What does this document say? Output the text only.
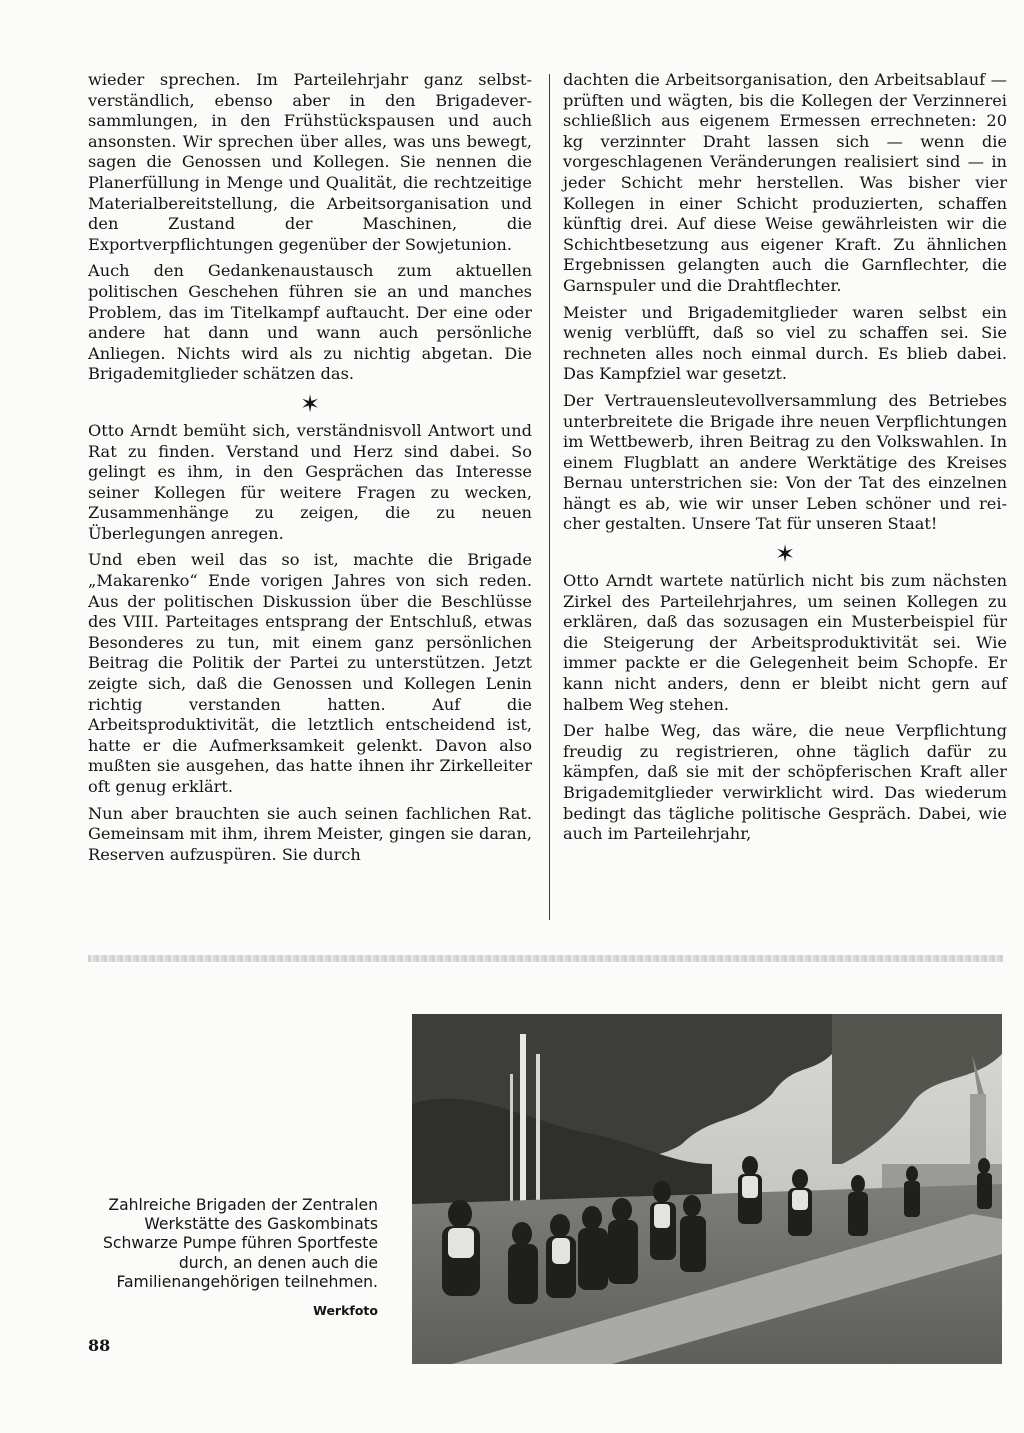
wieder sprechen. Im Parteilehrjahr ganz selbstverständlich, ebenso aber in den Brigadeversammlungen, in den Frühstückspausen und auch ansonsten. Wir sprechen über alles, was uns bewegt, sagen die Genossen und Kollegen. Sie nennen die Planerfüllung in Menge und Qualität, die rechtzeitige Materialbereitstellung, die Arbeitsorganisation und den Zustand der Maschinen, die Exportverpflichtungen gegenüber der Sowjetunion.

Auch den Gedankenaustausch zum aktuellen politischen Geschehen führen sie an und manches Problem, das im Titelkampf auftaucht. Der eine oder andere hat dann und wann auch persönliche Anliegen. Nichts wird als zu nichtig abgetan. Die Brigademitglieder schätzen das.

✶

Otto Arndt bemüht sich, verständnisvoll Antwort und Rat zu finden. Verstand und Herz sind dabei. So gelingt es ihm, in den Gesprächen das Interesse seiner Kollegen für weitere Fragen zu wecken, Zusammenhänge zu zeigen, die zu neuen Überlegungen anregen.

Und eben weil das so ist, machte die Brigade „Makarenko“ Ende vorigen Jahres von sich reden. Aus der politischen Diskussion über die Beschlüsse des VIII. Parteitages entsprang der Entschluß, etwas Besonderes zu tun, mit einem ganz persönlichen Beitrag die Politik der Partei zu unterstützen. Jetzt zeigte sich, daß die Genossen und Kollegen Lenin richtig verstanden hatten. Auf die Arbeitsproduktivität, die letztlich entscheidend ist, hatte er die Aufmerksamkeit gelenkt. Davon also mußten sie ausgehen, das hatte ihnen ihr Zirkelleiter oft genug erklärt.

Nun aber brauchten sie auch seinen fachlichen Rat. Gemeinsam mit ihm, ihrem Meister, gingen sie daran, Reserven aufzuspüren. Sie durch

dachten die Arbeitsorganisation, den Arbeitsablauf — prüften und wägten, bis die Kollegen der Verzinnerei schließlich aus eigenem Ermessen errechneten: 20 kg verzinnter Draht lassen sich — wenn die vorgeschlagenen Veränderungen realisiert sind — in jeder Schicht mehr herstellen. Was bisher vier Kollegen in einer Schicht produzierten, schaffen künftig drei. Auf diese Weise gewährleisten wir die Schichtbesetzung aus eigener Kraft. Zu ähnlichen Ergebnissen gelangten auch die Garnflechter, die Garnspuler und die Drahtflechter.

Meister und Brigademitglieder waren selbst ein wenig verblüfft, daß so viel zu schaffen sei. Sie rechneten alles noch einmal durch. Es blieb dabei. Das Kampfziel war gesetzt.

Der Vertrauensleutevollversammlung des Betriebes unterbreitete die Brigade ihre neuen Verpflichtungen im Wettbewerb, ihren Beitrag zu den Volkswahlen. In einem Flugblatt an andere Werktätige des Kreises Bernau unterstrichen sie: Von der Tat des einzelnen hängt es ab, wie wir unser Leben schöner und reicher gestalten. Unsere Tat für unseren Staat!

✶

Otto Arndt wartete natürlich nicht bis zum nächsten Zirkel des Parteilehrjahres, um seinen Kollegen zu erklären, daß das sozusagen ein Musterbeispiel für die Steigerung der Arbeitsproduktivität sei. Wie immer packte er die Gelegenheit beim Schopfe. Er kann nicht anders, denn er bleibt nicht gern auf halbem Weg stehen.

Der halbe Weg, das wäre, die neue Verpflichtung freudig zu registrieren, ohne täglich dafür zu kämpfen, daß sie mit der schöpferischen Kraft aller Brigademitglieder verwirklicht wird. Das wiederum bedingt das tägliche politische Gespräch. Dabei, wie auch im Parteilehrjahr,

Zahlreiche Brigaden der Zentralen Werkstätte des Gaskombinats Schwarze Pumpe führen Sportfeste durch, an denen auch die Familienangehörigen teilnehmen.
Werkfoto
88
